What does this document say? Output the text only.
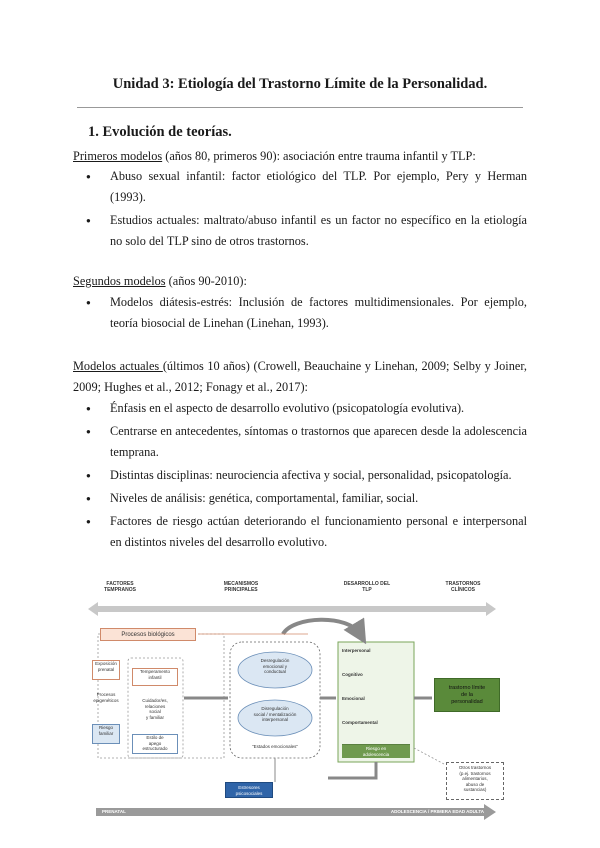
Unidad 3: Etiología del Trastorno Límite de la Personalidad.
1. Evolución de teorías.
Primeros modelos (años 80, primeros 90): asociación entre trauma infantil y TLP:
● Abuso sexual infantil: factor etiológico del TLP. Por ejemplo, Pery y Herman (1993).
● Estudios actuales: maltrato/abuso infantil es un factor no específico en la etiología no solo del TLP sino de otros trastornos.
Segundos modelos (años 90-2010):
● Modelos diátesis-estrés: Inclusión de factores multidimensionales. Por ejemplo, teoría biosocial de Linehan (Linehan, 1993).
Modelos actuales (últimos 10 años) (Crowell, Beauchaine y Linehan, 2009; Selby y Joiner, 2009; Hughes et al., 2012; Fonagy et al., 2017):
● Énfasis en el aspecto de desarrollo evolutivo (psicopatología evolutiva).
● Centrarse en antecedentes, síntomas o trastornos que aparecen desde la adolescencia temprana.
● Distintas disciplinas: neurociencia afectiva y social, personalidad, psicopatología.
● Niveles de análisis: genética, comportamental, familiar, social.
● Factores de riesgo actúan deteriorando el funcionamiento personal e interpersonal en distintos niveles del desarrollo evolutivo.
FACTORES
TEMPRANOS
MECANISMOS
PRINCIPALES
DESARROLLO DEL
TLP
TRASTORNOS
CLÍNICOS
Procesos biológicos
Exposición
prenatal
Procesos
epigenéticos
Riesgo
familiar
Temperamento
infantil
Cuidador/es,
relaciones
social
y familiar
Estilo de
apego
estructurado
Desregulación
emocional y
conductual
Disregulación
social / mentalización
interpersonal
"Estados emocionales"
Interpersonal
Cognitivo
Emocional
Comportamental
Riesgo en
adolescencia
trastorno límite
de la
personalidad
Estresores
psicosociales
Otros trastornos
(p.ej. trastornos
alimentarios,
abuso de
sustancias)
PRENATAL	ADOLESCENCIA / PRIMERA EDAD ADULTA
